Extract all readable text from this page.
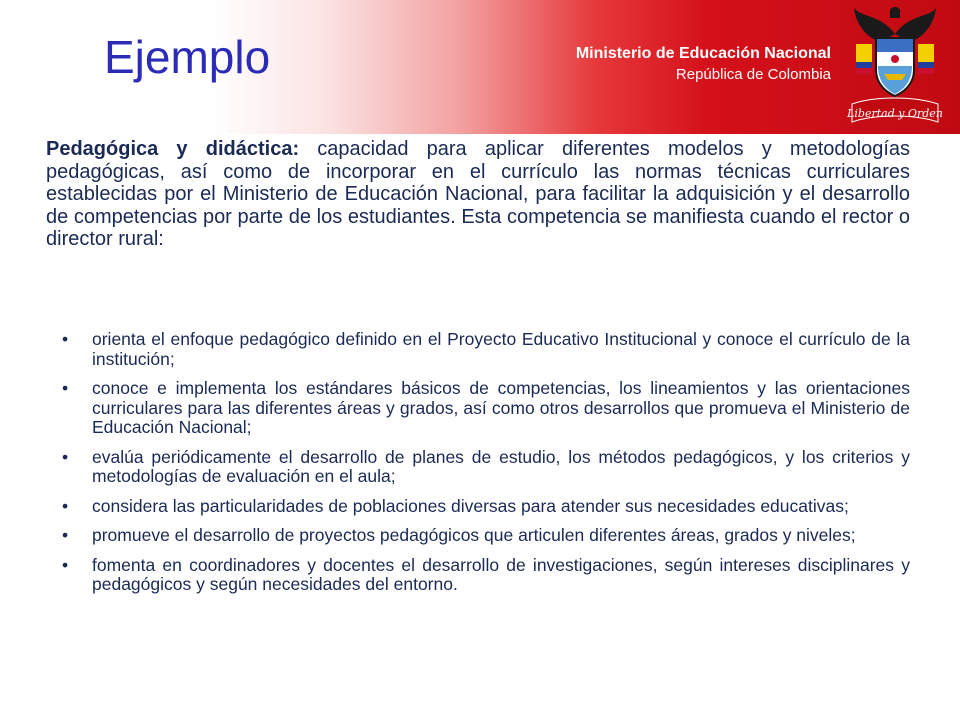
Ejemplo	Ministerio de Educación Nacional
República de Colombia
Libertad y Orden

Pedagógica y didáctica: capacidad para aplicar diferentes modelos y metodologías pedagógicas, así como de incorporar en el currículo las normas técnicas curriculares establecidas por el Ministerio de Educación Nacional, para facilitar la adquisición y el desarrollo de competencias por parte de los estudiantes. Esta competencia se manifiesta cuando el rector o director rural:

• orienta el enfoque pedagógico definido en el Proyecto Educativo Institucional y conoce el currículo de la institución;
• conoce e implementa los estándares básicos de competencias, los lineamientos y las orientaciones curriculares para las diferentes áreas y grados, así como otros desarrollos que promueva el Ministerio de Educación Nacional;
• evalúa periódicamente el desarrollo de planes de estudio, los métodos pedagógicos, y los criterios y metodologías de evaluación en el aula;
• considera las particularidades de poblaciones diversas para atender sus necesidades educativas;
• promueve el desarrollo de proyectos pedagógicos que articulen diferentes áreas, grados y niveles;
• fomenta en coordinadores y docentes el desarrollo de investigaciones, según intereses disciplinares y pedagógicos y según necesidades del entorno.
